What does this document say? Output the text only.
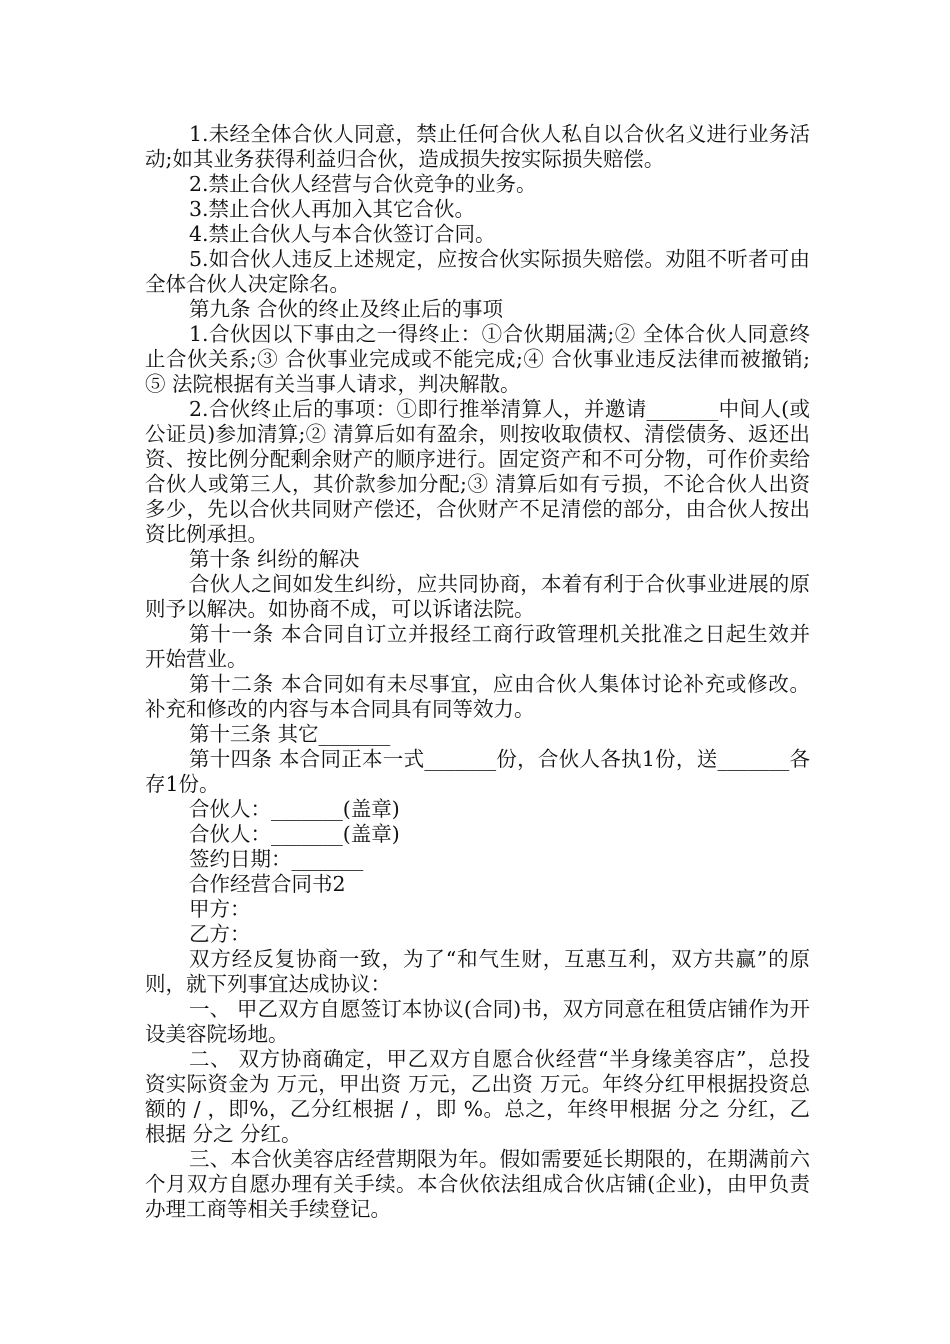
1.未经全体合伙人同意，禁止任何合伙人私自以合伙名义进行业务活动;如其业务获得利益归合伙，造成损失按实际损失赔偿。

2.禁止合伙人经营与合伙竞争的业务。

3.禁止合伙人再加入其它合伙。

4.禁止合伙人与本合伙签订合同。

5.如合伙人违反上述规定，应按合伙实际损失赔偿。劝阻不听者可由全体合伙人决定除名。

第九条 合伙的终止及终止后的事项

1.合伙因以下事由之一得终止：①合伙期届满;② 全体合伙人同意终止合伙关系;③ 合伙事业完成或不能完成;④ 合伙事业违反法律而被撤销;⑤ 法院根据有关当事人请求，判决解散。

2.合伙终止后的事项：①即行推举清算人，并邀请_______中间人(或公证员)参加清算;② 清算后如有盈余，则按收取债权、清偿债务、返还出资、按比例分配剩余财产的顺序进行。固定资产和不可分物，可作价卖给合伙人或第三人，其价款参加分配;③ 清算后如有亏损，不论合伙人出资多少，先以合伙共同财产偿还，合伙财产不足清偿的部分，由合伙人按出资比例承担。

第十条 纠纷的解决

合伙人之间如发生纠纷，应共同协商，本着有利于合伙事业进展的原则予以解决。如协商不成，可以诉诸法院。

第十一条 本合同自订立并报经工商行政管理机关批准之日起生效并开始营业。

第十二条 本合同如有未尽事宜，应由合伙人集体讨论补充或修改。补充和修改的内容与本合同具有同等效力。

第十三条 其它_______

第十四条 本合同正本一式_______份，合伙人各执1份，送_______各存1份。

合伙人：_______(盖章)

合伙人：_______(盖章)

签约日期：_______

合作经营合同书2

甲方：

乙方：

双方经反复协商一致，为了“和气生财，互惠互利，双方共赢”的原则，就下列事宜达成协议：

一、 甲乙双方自愿签订本协议(合同)书，双方同意在租赁店铺作为开设美容院场地。

二、 双方协商确定，甲乙双方自愿合伙经营“半身缘美容店”，总投资实际资金为 万元，甲出资 万元，乙出资 万元。年终分红甲根据投资总额的 / ，即%，乙分红根据 / ，即 %。总之，年终甲根据 分之 分红，乙根据 分之 分红。

三、本合伙美容店经营期限为年。假如需要延长期限的，在期满前六个月双方自愿办理有关手续。本合伙依法组成合伙店铺(企业)，由甲负责办理工商等相关手续登记。
